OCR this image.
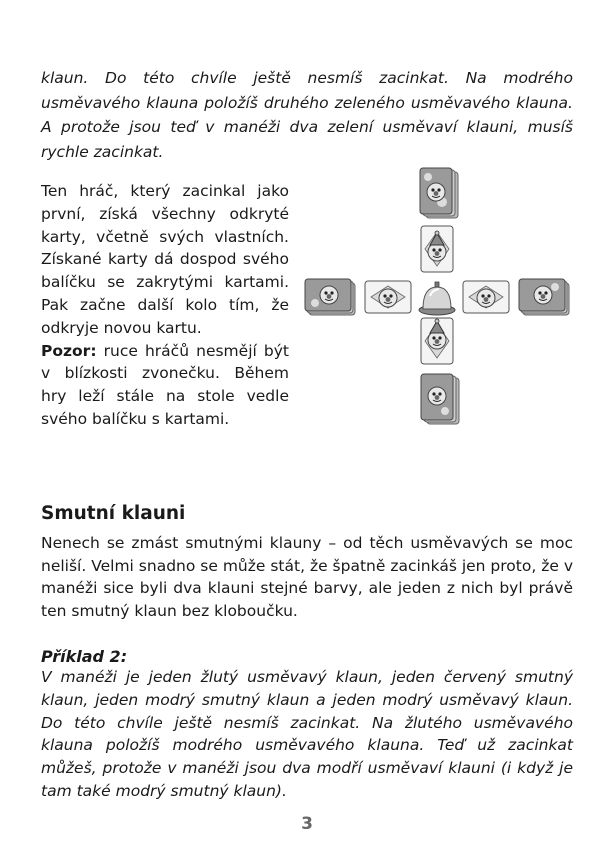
klaun. Do této chvíle ještě nesmíš zacinkat. Na modrého usměvavého klauna položíš druhého zeleného usměvavého klauna. A protože jsou teď v manéži dva zelení usměvaví klauni, musíš rychle zacinkat.

Ten hráč, který zacinkal jako první, získá všechny odkryté karty, včetně svých vlastních. Získané karty dá dospod svého balíčku se zakrytými kartami. Pak začne další kolo tím, že odkryje novou kartu.
Pozor: ruce hráčů nesmějí být v blízkosti zvonečku. Během hry leží stále na stole vedle svého balíčku s kartami.

Smutní klauni

Nenech se zmást smutnými klauny – od těch usměvavých se moc neliší. Velmi snadno se může stát, že špatně zacinkáš jen proto, že v manéži sice byli dva klauni stejné barvy, ale jeden z nich byl právě ten smutný klaun bez kloboučku.

Příklad 2:

V manéži je jeden žlutý usměvavý klaun, jeden červený smutný klaun, jeden modrý smutný klaun a jeden modrý usměvavý klaun. Do této chvíle ještě nesmíš zacinkat. Na žlutého usměvavého klauna položíš modrého usměvavého klauna. Teď už zacinkat můžeš, protože v manéži jsou dva modří usměvaví klauni (i když je tam také modrý smutný klaun).

3
